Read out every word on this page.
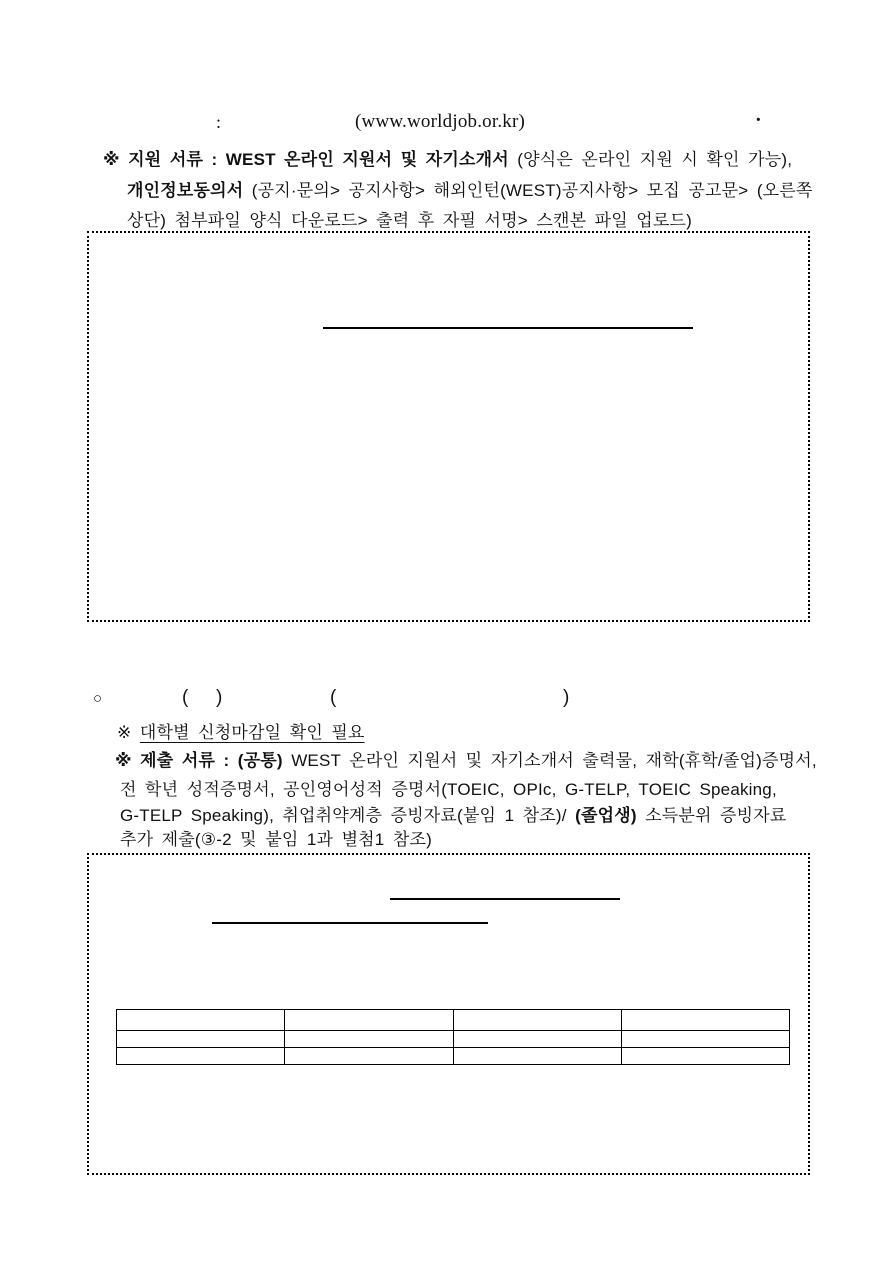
:	(www.worldjob.or.kr)	·
※ 지원 서류 : WEST 온라인 지원서 및 자기소개서 (양식은 온라인 지원 시 확인 가능),
개인정보동의서 (공지·문의> 공지사항> 해외인턴(WEST)공지사항> 모집 공고문> (오른쪽
상단) 첨부파일 양식 다운로드> 출력 후 자필 서명> 스캔본 파일 업로드)
○	( )	(	)
※ 대학별 신청마감일 확인 필요
※ 제출 서류 : (공통) WEST 온라인 지원서 및 자기소개서 출력물, 재학(휴학/졸업)증명서,
전 학년 성적증명서, 공인영어성적 증명서(TOEIC, OPIc, G-TELP, TOEIC Speaking,
G-TELP Speaking), 취업취약계층 증빙자료(붙임 1 참조)/ (졸업생) 소득분위 증빙자료
추가 제출(③-2 및 붙임 1과 별첨1 참조)
